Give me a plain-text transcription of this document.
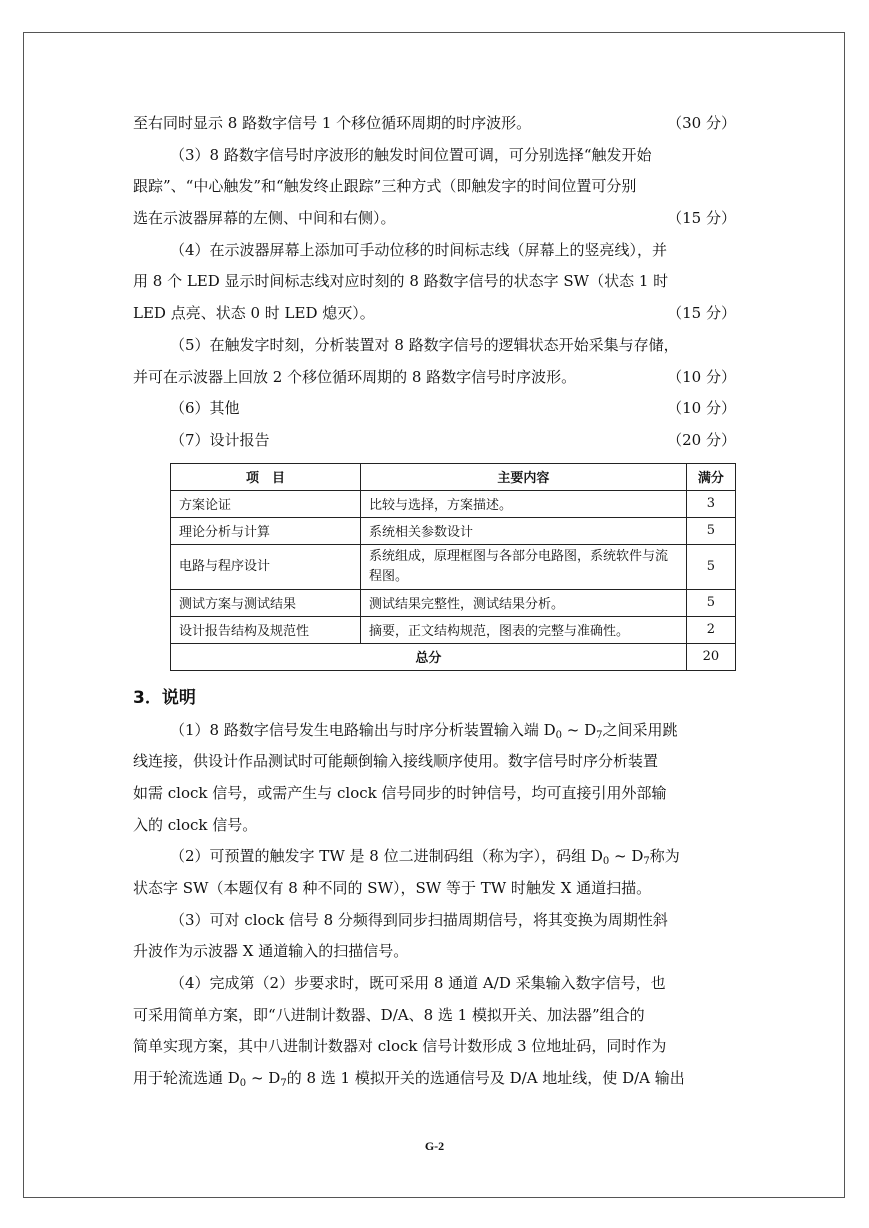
至右同时显示 8 路数字信号 1 个移位循环周期的时序波形。	（30 分）
（3）8 路数字信号时序波形的触发时间位置可调，可分别选择“触发开始
跟踪”、“中心触发”和“触发终止跟踪”三种方式（即触发字的时间位置可分别
选在示波器屏幕的左侧、中间和右侧）。	（15 分）
（4）在示波器屏幕上添加可手动位移的时间标志线（屏幕上的竖亮线），并
用 8 个 LED 显示时间标志线对应时刻的 8 路数字信号的状态字 SW（状态 1 时
LED 点亮、状态 0 时 LED 熄灭）。	（15 分）
（5）在触发字时刻，分析装置对 8 路数字信号的逻辑状态开始采集与存储，
并可在示波器上回放 2 个移位循环周期的 8 路数字信号时序波形。	（10 分）
（6）其他	（10 分）
（7）设计报告	（20 分）
项　目	主要内容	满分
方案论证	比较与选择，方案描述。	3
理论分析与计算	系统相关参数设计	5
电路与程序设计	系统组成，原理框图与各部分电路图，系统软件与流程图。	5
测试方案与测试结果	测试结果完整性，测试结果分析。	5
设计报告结构及规范性	摘要，正文结构规范，图表的完整与准确性。	2
总分		20
3．说明
（1）8 路数字信号发生电路输出与时序分析装置输入端 $D_0$ ~ $D_7$之间采用跳
线连接，供设计作品测试时可能颠倒输入接线顺序使用。数字信号时序分析装置
如需 clock 信号，或需产生与 clock 信号同步的时钟信号，均可直接引用外部输
入的 clock 信号。
（2）可预置的触发字 TW 是 8 位二进制码组（称为字），码组 $D_0$ ~ $D_7$称为
状态字 SW（本题仅有 8 种不同的 SW），SW 等于 TW 时触发 X 通道扫描。
（3）可对 clock 信号 8 分频得到同步扫描周期信号，将其变换为周期性斜
升波作为示波器 X 通道输入的扫描信号。
（4）完成第（2）步要求时，既可采用 8 通道 A/D 采集输入数字信号，也
可采用简单方案，即“八进制计数器、D/A、8 选 1 模拟开关、加法器”组合的
简单实现方案，其中八进制计数器对 clock 信号计数形成 3 位地址码，同时作为
用于轮流选通 $D_0$ ~ $D_7$的 8 选 1 模拟开关的选通信号及 D/A 地址线，使 D/A 输出
G-2
